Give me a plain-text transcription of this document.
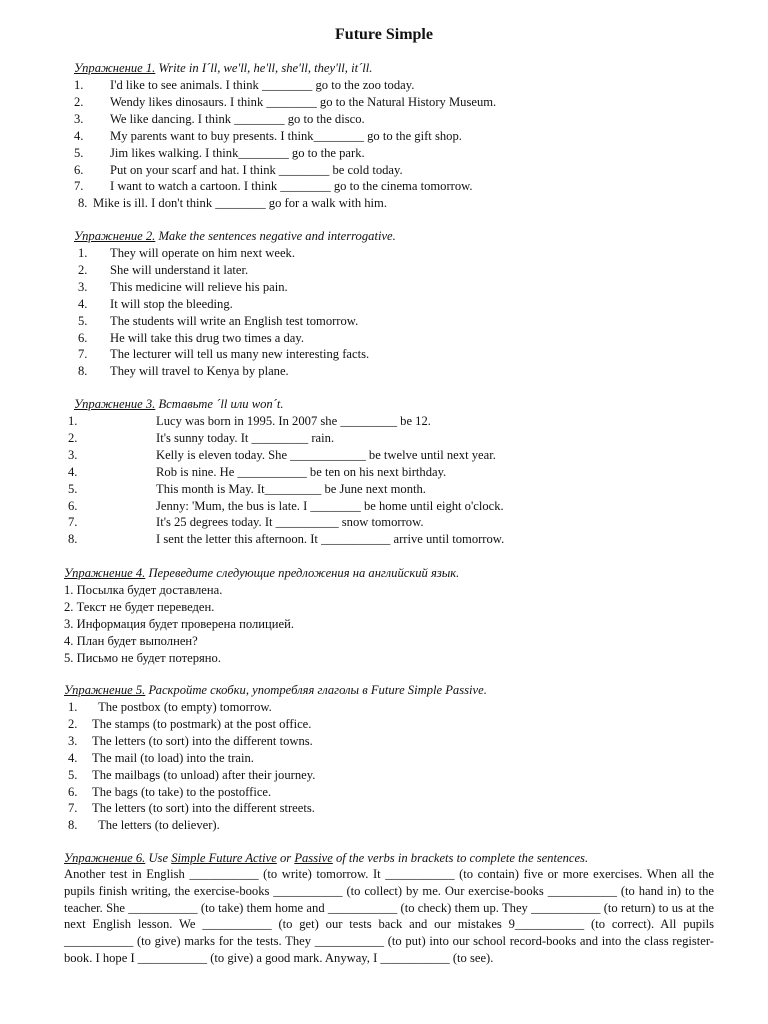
Future Simple
Упражнение 1. Write in I´ll, we'll, he'll, she'll, they'll, it´ll.
1. I'd like to see animals. I think ________ go to the zoo today.
2. Wendy likes dinosaurs. I think ________ go to the Natural History Museum.
3. We like dancing. I think ________ go to the disco.
4. My parents want to buy presents. I think________ go to the gift shop.
5. Jim likes walking. I think________ go to the park.
6. Put on your scarf and hat. I think ________ be cold today.
7. I want to watch a cartoon. I think ________ go to the cinema tomorrow.
8. Mike is ill. I don't think ________ go for a walk with him.
Упражнение 2. Make the sentences negative and interrogative.
1. They will operate on him next week.
2. She will understand it later.
3. This medicine will relieve his pain.
4. It will stop the bleeding.
5. The students will write an English test tomorrow.
6. He will take this drug two times a day.
7. The lecturer will tell us many new interesting facts.
8. They will travel to Kenya by plane.
Упражнение 3. Вставьте ´ll или won´t.
1.	Lucy was born in 1995. In 2007 she _________ be 12.
2.	It's sunny today. It _________ rain.
3.	Kelly is eleven today. She ____________ be twelve until next year.
4.	Rob is nine. He ___________ be ten on his next birthday.
5.	This month is May. It_________ be June next month.
6.	Jenny: 'Mum, the bus is late. I ________ be home until eight o'clock.
7.	It's 25 degrees today. It __________ snow tomorrow.
8.	I sent the letter this afternoon. It ___________ arrive until tomorrow.
Упражнение 4. Переведите следующие предложения на английский язык.
1. Посылка будет доставлена.
2. Текст не будет переведен.
3. Информация будет проверена полицией.
4. План будет выполнен?
5. Письмо не будет потеряно.
Упражнение 5. Раскройте скобки, употребляя глаголы в Future Simple Passive.
1. The postbox (to empty) tomorrow.
2. The stamps (to postmark) at the post office.
3. The letters (to sort) into the different towns.
4. The mail (to load) into the train.
5. The mailbags (to unload) after their journey.
6. The bags (to take) to the postoffice.
7. The letters (to sort) into the different streets.
8. The letters (to deliever).
Упражнение 6. Use Simple Future Active or Passive of the verbs in brackets to complete the sentences.
Another test in English ___________ (to write) tomorrow. It ___________ (to contain) five or more exercises. When all the pupils finish writing, the exercise-books ___________ (to collect) by me. Our exercise-books ___________ (to hand in) to the teacher. She ___________ (to take) them home and ___________ (to check) them up. They ___________ (to return) to us at the next English lesson. We ___________ (to get) our tests back and our mistakes 9___________ (to correct). All pupils ___________ (to give) marks for the tests. They ___________ (to put) into our school record-books and into the class register-book. I hope I ___________ (to give) a good mark. Anyway, I ___________ (to see).
